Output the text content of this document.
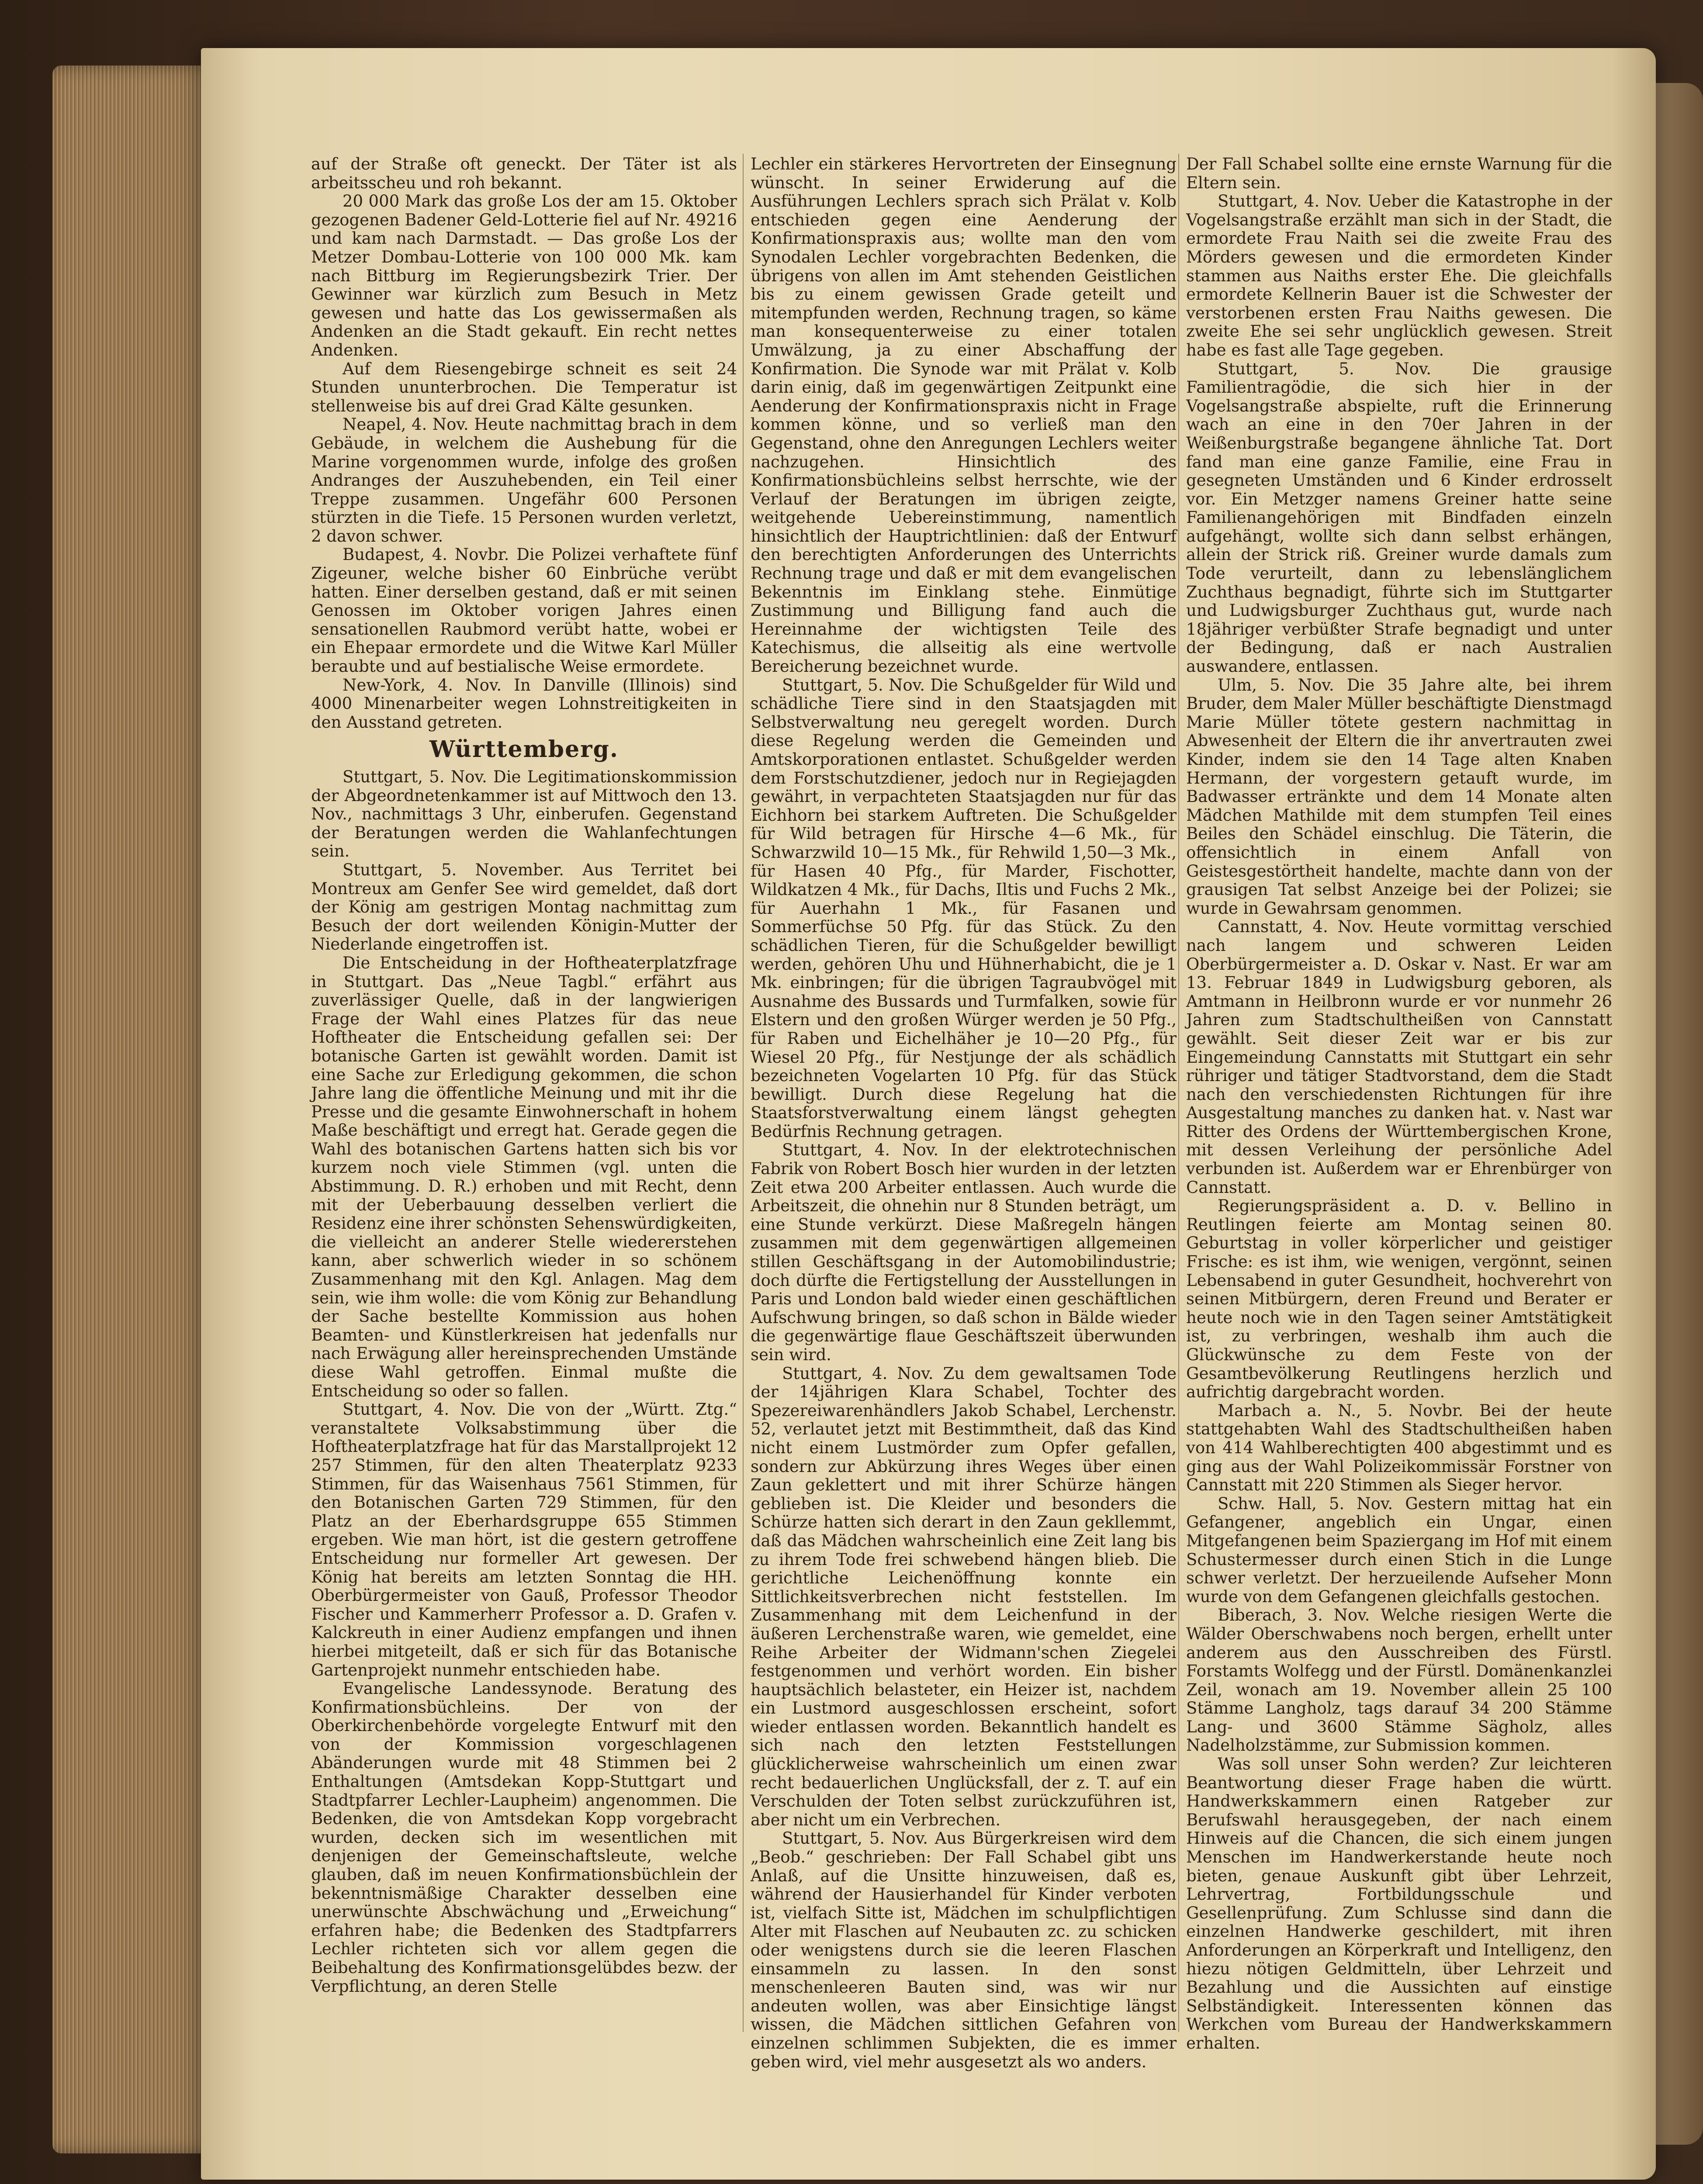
auf der Straße oft geneckt. Der Täter ist als arbeitsscheu und roh bekannt.

20 000 Mark das große Los der am 15. Oktober gezogenen Badener Geld-Lotterie fiel auf Nr. 49216 und kam nach Darmstadt. — Das große Los der Metzer Dombau-Lotterie von 100 000 Mk. kam nach Bittburg im Regierungsbezirk Trier. Der Gewinner war kürzlich zum Besuch in Metz gewesen und hatte das Los gewissermaßen als Andenken an die Stadt gekauft. Ein recht nettes Andenken.

Auf dem Riesengebirge schneit es seit 24 Stunden ununterbrochen. Die Temperatur ist stellenweise bis auf drei Grad Kälte gesunken.

Neapel, 4. Nov. Heute nachmittag brach in dem Gebäude, in welchem die Aushebung für die Marine vorgenommen wurde, infolge des großen Andranges der Auszuhebenden, ein Teil einer Treppe zusammen. Ungefähr 600 Personen stürzten in die Tiefe. 15 Personen wurden verletzt, 2 davon schwer.

Budapest, 4. Novbr. Die Polizei verhaftete fünf Zigeuner, welche bisher 60 Einbrüche verübt hatten. Einer derselben gestand, daß er mit seinen Genossen im Oktober vorigen Jahres einen sensationellen Raubmord verübt hatte, wobei er ein Ehepaar ermordete und die Witwe Karl Müller beraubte und auf bestialische Weise ermordete.

New-York, 4. Nov. In Danville (Illinois) sind 4000 Minenarbeiter wegen Lohnstreitigkeiten in den Ausstand getreten.

Württemberg.

Stuttgart, 5. Nov. Die Legitimationskommission der Abgeordnetenkammer ist auf Mittwoch den 13. Nov., nachmittags 3 Uhr, einberufen. Gegenstand der Beratungen werden die Wahlanfechtungen sein.

Stuttgart, 5. November. Aus Territet bei Montreux am Genfer See wird gemeldet, daß dort der König am gestrigen Montag nachmittag zum Besuch der dort weilenden Königin-Mutter der Niederlande eingetroffen ist.

Die Entscheidung in der Hoftheaterplatzfrage in Stuttgart. Das „Neue Tagbl.“ erfährt aus zuverlässiger Quelle, daß in der langwierigen Frage der Wahl eines Platzes für das neue Hoftheater die Entscheidung gefallen sei: Der botanische Garten ist gewählt worden. Damit ist eine Sache zur Erledigung gekommen, die schon Jahre lang die öffentliche Meinung und mit ihr die Presse und die gesamte Einwohnerschaft in hohem Maße beschäftigt und erregt hat. Gerade gegen die Wahl des botanischen Gartens hatten sich bis vor kurzem noch viele Stimmen (vgl. unten die Abstimmung. D. R.) erhoben und mit Recht, denn mit der Ueberbauung desselben verliert die Residenz eine ihrer schönsten Sehenswürdigkeiten, die vielleicht an anderer Stelle wiedererstehen kann, aber schwerlich wieder in so schönem Zusammenhang mit den Kgl. Anlagen. Mag dem sein, wie ihm wolle: die vom König zur Behandlung der Sache bestellte Kommission aus hohen Beamten- und Künstlerkreisen hat jedenfalls nur nach Erwägung aller hereinsprechenden Umstände diese Wahl getroffen. Einmal mußte die Entscheidung so oder so fallen.

Stuttgart, 4. Nov. Die von der „Württ. Ztg.“ veranstaltete Volksabstimmung über die Hoftheaterplatzfrage hat für das Marstallprojekt 12 257 Stimmen, für den alten Theaterplatz 9233 Stimmen, für das Waisenhaus 7561 Stimmen, für den Botanischen Garten 729 Stimmen, für den Platz an der Eberhardsgruppe 655 Stimmen ergeben. Wie man hört, ist die gestern getroffene Entscheidung nur formeller Art gewesen. Der König hat bereits am letzten Sonntag die HH. Oberbürgermeister von Gauß, Professor Theodor Fischer und Kammerherr Professor a. D. Grafen v. Kalckreuth in einer Audienz empfangen und ihnen hierbei mitgeteilt, daß er sich für das Botanische Gartenprojekt nunmehr entschieden habe.

Evangelische Landessynode. Beratung des Konfirmationsbüchleins. Der von der Oberkirchenbehörde vorgelegte Entwurf mit den von der Kommission vorgeschlagenen Abänderungen wurde mit 48 Stimmen bei 2 Enthaltungen (Amtsdekan Kopp-Stuttgart und Stadtpfarrer Lechler-Laupheim) angenommen. Die Bedenken, die von Amtsdekan Kopp vorgebracht wurden, decken sich im wesentlichen mit denjenigen der Gemeinschaftsleute, welche glauben, daß im neuen Konfirmationsbüchlein der bekenntnismäßige Charakter desselben eine unerwünschte Abschwächung und „Erweichung“ erfahren habe; die Bedenken des Stadtpfarrers Lechler richteten sich vor allem gegen die Beibehaltung des Konfirmationsgelübdes bezw. der Verpflichtung, an deren Stelle

Lechler ein stärkeres Hervortreten der Einsegnung wünscht. In seiner Erwiderung auf die Ausführungen Lechlers sprach sich Prälat v. Kolb entschieden gegen eine Aenderung der Konfirmationspraxis aus; wollte man den vom Synodalen Lechler vorgebrachten Bedenken, die übrigens von allen im Amt stehenden Geistlichen bis zu einem gewissen Grade geteilt und mitempfunden werden, Rechnung tragen, so käme man konsequenterweise zu einer totalen Umwälzung, ja zu einer Abschaffung der Konfirmation. Die Synode war mit Prälat v. Kolb darin einig, daß im gegenwärtigen Zeitpunkt eine Aenderung der Konfirmationspraxis nicht in Frage kommen könne, und so verließ man den Gegenstand, ohne den Anregungen Lechlers weiter nachzugehen. Hinsichtlich des Konfirmationsbüchleins selbst herrschte, wie der Verlauf der Beratungen im übrigen zeigte, weitgehende Uebereinstimmung, namentlich hinsichtlich der Hauptrichtlinien: daß der Entwurf den berechtigten Anforderungen des Unterrichts Rechnung trage und daß er mit dem evangelischen Bekenntnis im Einklang stehe. Einmütige Zustimmung und Billigung fand auch die Hereinnahme der wichtigsten Teile des Katechismus, die allseitig als eine wertvolle Bereicherung bezeichnet wurde.

Stuttgart, 5. Nov. Die Schußgelder für Wild und schädliche Tiere sind in den Staatsjagden mit Selbstverwaltung neu geregelt worden. Durch diese Regelung werden die Gemeinden und Amtskorporationen entlastet. Schußgelder werden dem Forstschutzdiener, jedoch nur in Regiejagden gewährt, in verpachteten Staatsjagden nur für das Eichhorn bei starkem Auftreten. Die Schußgelder für Wild betragen für Hirsche 4—6 Mk., für Schwarzwild 10—15 Mk., für Rehwild 1,50—3 Mk., für Hasen 40 Pfg., für Marder, Fischotter, Wildkatzen 4 Mk., für Dachs, Iltis und Fuchs 2 Mk., für Auerhahn 1 Mk., für Fasanen und Sommerfüchse 50 Pfg. für das Stück. Zu den schädlichen Tieren, für die Schußgelder bewilligt werden, gehören Uhu und Hühnerhabicht, die je 1 Mk. einbringen; für die übrigen Tagraubvögel mit Ausnahme des Bussards und Turmfalken, sowie für Elstern und den großen Würger werden je 50 Pfg., für Raben und Eichelhäher je 10—20 Pfg., für Wiesel 20 Pfg., für Nestjunge der als schädlich bezeichneten Vogelarten 10 Pfg. für das Stück bewilligt. Durch diese Regelung hat die Staatsforstverwaltung einem längst gehegten Bedürfnis Rechnung getragen.

Stuttgart, 4. Nov. In der elektrotechnischen Fabrik von Robert Bosch hier wurden in der letzten Zeit etwa 200 Arbeiter entlassen. Auch wurde die Arbeitszeit, die ohnehin nur 8 Stunden beträgt, um eine Stunde verkürzt. Diese Maßregeln hängen zusammen mit dem gegenwärtigen allgemeinen stillen Geschäftsgang in der Automobilindustrie; doch dürfte die Fertigstellung der Ausstellungen in Paris und London bald wieder einen geschäftlichen Aufschwung bringen, so daß schon in Bälde wieder die gegenwärtige flaue Geschäftszeit überwunden sein wird.

Stuttgart, 4. Nov. Zu dem gewaltsamen Tode der 14jährigen Klara Schabel, Tochter des Spezereiwarenhändlers Jakob Schabel, Lerchenstr. 52, verlautet jetzt mit Bestimmtheit, daß das Kind nicht einem Lustmörder zum Opfer gefallen, sondern zur Abkürzung ihres Weges über einen Zaun geklettert und mit ihrer Schürze hängen geblieben ist. Die Kleider und besonders die Schürze hatten sich derart in den Zaun gekllemmt, daß das Mädchen wahrscheinlich eine Zeit lang bis zu ihrem Tode frei schwebend hängen blieb. Die gerichtliche Leichenöffnung konnte ein Sittlichkeitsverbrechen nicht feststellen. Im Zusammenhang mit dem Leichenfund in der äußeren Lerchenstraße waren, wie gemeldet, eine Reihe Arbeiter der Widmann'schen Ziegelei festgenommen und verhört worden. Ein bisher hauptsächlich belasteter, ein Heizer ist, nachdem ein Lustmord ausgeschlossen erscheint, sofort wieder entlassen worden. Bekanntlich handelt es sich nach den letzten Feststellungen glücklicherweise wahrscheinlich um einen zwar recht bedauerlichen Unglücksfall, der z. T. auf ein Verschulden der Toten selbst zurückzuführen ist, aber nicht um ein Verbrechen.

Stuttgart, 5. Nov. Aus Bürgerkreisen wird dem „Beob.“ geschrieben: Der Fall Schabel gibt uns Anlaß, auf die Unsitte hinzuweisen, daß es, während der Hausierhandel für Kinder verboten ist, vielfach Sitte ist, Mädchen im schulpflichtigen Alter mit Flaschen auf Neubauten zc. zu schicken oder wenigstens durch sie die leeren Flaschen einsammeln zu lassen. In den sonst menschenleeren Bauten sind, was wir nur andeuten wollen, was aber Einsichtige längst wissen, die Mädchen sittlichen Gefahren von einzelnen schlimmen Subjekten, die es immer geben wird, viel mehr ausgesetzt als wo anders.

Der Fall Schabel sollte eine ernste Warnung für die Eltern sein.

Stuttgart, 4. Nov. Ueber die Katastrophe in der Vogelsangstraße erzählt man sich in der Stadt, die ermordete Frau Naith sei die zweite Frau des Mörders gewesen und die ermordeten Kinder stammen aus Naiths erster Ehe. Die gleichfalls ermordete Kellnerin Bauer ist die Schwester der verstorbenen ersten Frau Naiths gewesen. Die zweite Ehe sei sehr unglücklich gewesen. Streit habe es fast alle Tage gegeben.

Stuttgart, 5. Nov. Die grausige Familientragödie, die sich hier in der Vogelsangstraße abspielte, ruft die Erinnerung wach an eine in den 70er Jahren in der Weißenburgstraße begangene ähnliche Tat. Dort fand man eine ganze Familie, eine Frau in gesegneten Umständen und 6 Kinder erdrosselt vor. Ein Metzger namens Greiner hatte seine Familienangehörigen mit Bindfaden einzeln aufgehängt, wollte sich dann selbst erhängen, allein der Strick riß. Greiner wurde damals zum Tode verurteilt, dann zu lebenslänglichem Zuchthaus begnadigt, führte sich im Stuttgarter und Ludwigsburger Zuchthaus gut, wurde nach 18jähriger verbüßter Strafe begnadigt und unter der Bedingung, daß er nach Australien auswandere, entlassen.

Ulm, 5. Nov. Die 35 Jahre alte, bei ihrem Bruder, dem Maler Müller beschäftigte Dienstmagd Marie Müller tötete gestern nachmittag in Abwesenheit der Eltern die ihr anvertrauten zwei Kinder, indem sie den 14 Tage alten Knaben Hermann, der vorgestern getauft wurde, im Badwasser ertränkte und dem 14 Monate alten Mädchen Mathilde mit dem stumpfen Teil eines Beiles den Schädel einschlug. Die Täterin, die offensichtlich in einem Anfall von Geistesgestörtheit handelte, machte dann von der grausigen Tat selbst Anzeige bei der Polizei; sie wurde in Gewahrsam genommen.

Cannstatt, 4. Nov. Heute vormittag verschied nach langem und schweren Leiden Oberbürgermeister a. D. Oskar v. Nast. Er war am 13. Februar 1849 in Ludwigsburg geboren, als Amtmann in Heilbronn wurde er vor nunmehr 26 Jahren zum Stadtschultheißen von Cannstatt gewählt. Seit dieser Zeit war er bis zur Eingemeindung Cannstatts mit Stuttgart ein sehr rühriger und tätiger Stadtvorstand, dem die Stadt nach den verschiedensten Richtungen für ihre Ausgestaltung manches zu danken hat. v. Nast war Ritter des Ordens der Württembergischen Krone, mit dessen Verleihung der persönliche Adel verbunden ist. Außerdem war er Ehrenbürger von Cannstatt.

Regierungspräsident a. D. v. Bellino in Reutlingen feierte am Montag seinen 80. Geburtstag in voller körperlicher und geistiger Frische: es ist ihm, wie wenigen, vergönnt, seinen Lebensabend in guter Gesundheit, hochverehrt von seinen Mitbürgern, deren Freund und Berater er heute noch wie in den Tagen seiner Amtstätigkeit ist, zu verbringen, weshalb ihm auch die Glückwünsche zu dem Feste von der Gesamtbevölkerung Reutlingens herzlich und aufrichtig dargebracht worden.

Marbach a. N., 5. Novbr. Bei der heute stattgehabten Wahl des Stadtschultheißen haben von 414 Wahlberechtigten 400 abgestimmt und es ging aus der Wahl Polizeikommissär Forstner von Cannstatt mit 220 Stimmen als Sieger hervor.

Schw. Hall, 5. Nov. Gestern mittag hat ein Gefangener, angeblich ein Ungar, einen Mitgefangenen beim Spaziergang im Hof mit einem Schustermesser durch einen Stich in die Lunge schwer verletzt. Der herzueilende Aufseher Monn wurde von dem Gefangenen gleichfalls gestochen.

Biberach, 3. Nov. Welche riesigen Werte die Wälder Oberschwabens noch bergen, erhellt unter anderem aus den Ausschreiben des Fürstl. Forstamts Wolfegg und der Fürstl. Domänenkanzlei Zeil, wonach am 19. November allein 25 100 Stämme Langholz, tags darauf 34 200 Stämme Lang- und 3600 Stämme Sägholz, alles Nadelholzstämme, zur Submission kommen.

Was soll unser Sohn werden? Zur leichteren Beantwortung dieser Frage haben die württ. Handwerkskammern einen Ratgeber zur Berufswahl herausgegeben, der nach einem Hinweis auf die Chancen, die sich einem jungen Menschen im Handwerkerstande heute noch bieten, genaue Auskunft gibt über Lehrzeit, Lehrvertrag, Fortbildungsschule und Gesellenprüfung. Zum Schlusse sind dann die einzelnen Handwerke geschildert, mit ihren Anforderungen an Körperkraft und Intelligenz, den hiezu nötigen Geldmitteln, über Lehrzeit und Bezahlung und die Aussichten auf einstige Selbständigkeit. Interessenten können das Werkchen vom Bureau der Handwerkskammern erhalten.
